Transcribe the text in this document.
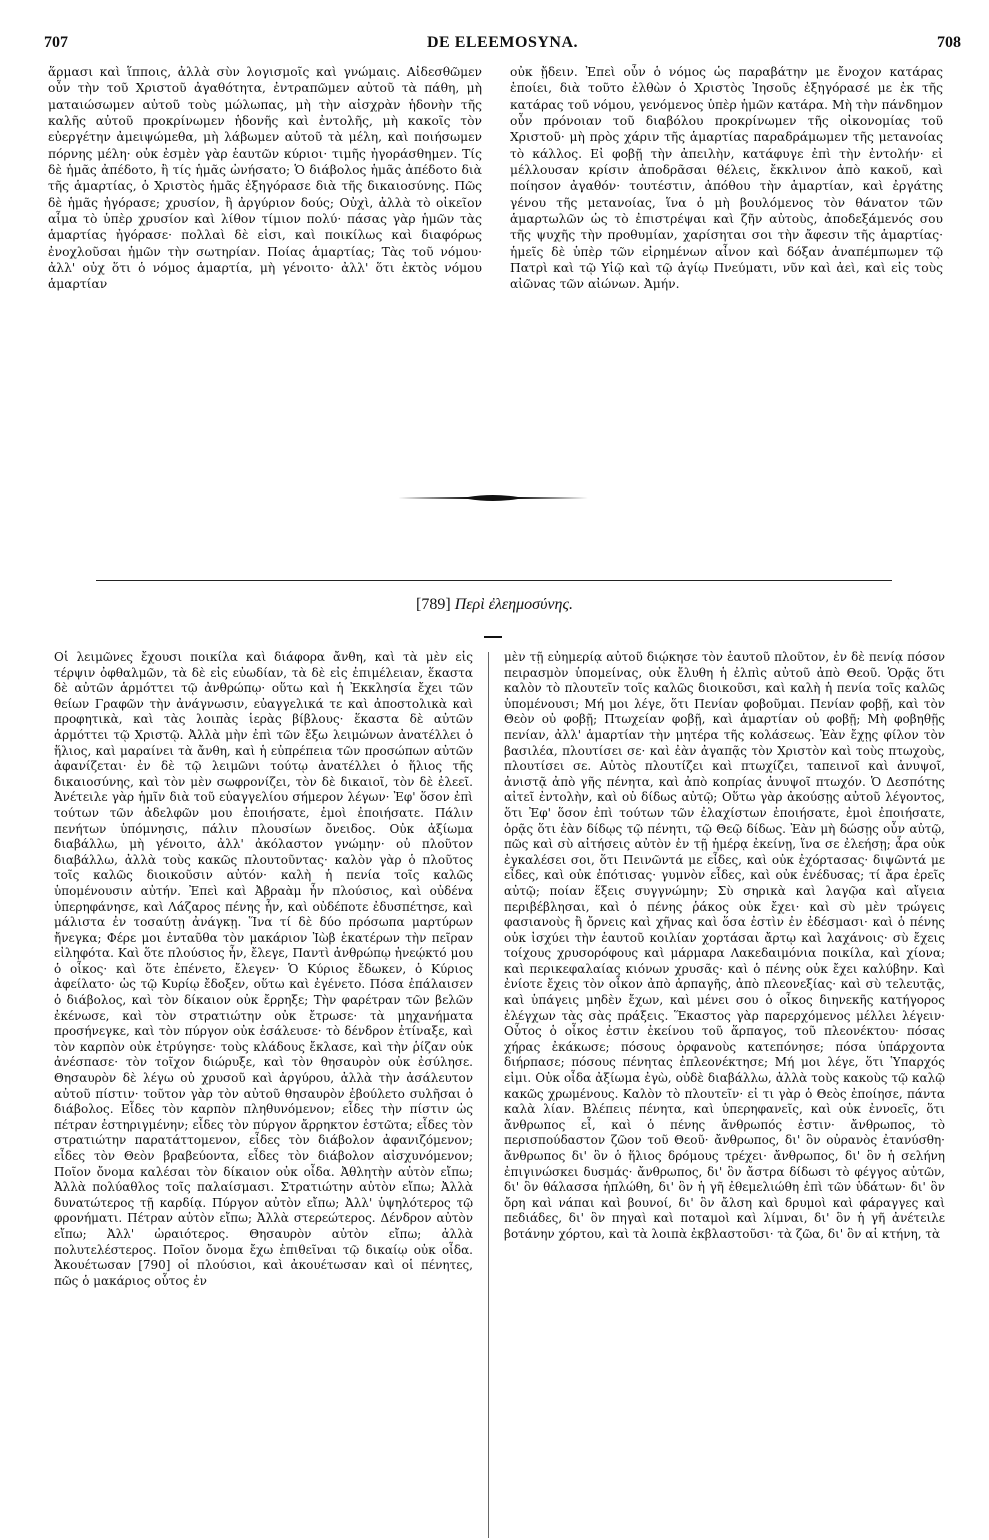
707	DE ELEEMOSYNA.	708

ἅρμασι καὶ ἵπποις, ἀλλὰ σὺν λογισμοῖς καὶ γνώμαις. Αἰδεσθῶμεν οὖν τὴν τοῦ Χριστοῦ ἀγαθότητα, ἐντραπῶμεν αὐτοῦ τὰ πάθη, μὴ ματαιώσωμεν αὐτοῦ τοὺς μώλωπας, μὴ τὴν αἰσχρὰν ἡδονὴν τῆς καλῆς αὐτοῦ προκρίνωμεν ἡδονῆς καὶ ἐντολῆς, μὴ κακοῖς τὸν εὐεργέτην ἀμειψώμεθα, μὴ λάβωμεν αὐτοῦ τὰ μέλη, καὶ ποιήσωμεν πόρνης μέλη· οὐκ ἐσμὲν γὰρ ἑαυτῶν κύριοι· τιμῆς ἠγοράσθημεν. Τίς δὲ ἡμᾶς ἀπέδοτο, ἢ τίς ἡμᾶς ὠνήσατο; Ὁ διάβολος ἡμᾶς ἀπέδοτο διὰ τῆς ἁμαρτίας, ὁ Χριστὸς ἡμᾶς ἐξηγόρασε διὰ τῆς δικαιοσύνης. Πῶς δὲ ἡμᾶς ἠγόρασε; χρυσίον, ἢ ἀργύριον δούς; Οὐχὶ, ἀλλὰ τὸ οἰκεῖον αἷμα τὸ ὑπὲρ χρυσίον καὶ λίθον τίμιον πολύ· πάσας γὰρ ἡμῶν τὰς ἁμαρτίας ἠγόρασε· πολλαὶ δὲ εἰσι, καὶ ποικίλως καὶ διαφόρως ἐνοχλοῦσαι ἡμῶν τὴν σωτηρίαν. Ποίας ἁμαρτίας; Τὰς τοῦ νόμου· ἀλλ' οὐχ ὅτι ὁ νόμος ἁμαρτία, μὴ γένοιτο· ἀλλ' ὅτι ἐκτὸς νόμου ἁμαρτίαν

οὐκ ᾔδειν. Ἐπεὶ οὖν ὁ νόμος ὡς παραβάτην με ἔνοχον κατάρας ἐποίει, διὰ τοῦτο ἐλθὼν ὁ Χριστὸς Ἰησοῦς ἐξηγόρασέ με ἐκ τῆς κατάρας τοῦ νόμου, γενόμενος ὑπὲρ ἡμῶν κατάρα. Μὴ τὴν πάνδημον οὖν πρόνοιαν τοῦ διαβόλου προκρίνωμεν τῆς οἰκονομίας τοῦ Χριστοῦ· μὴ πρὸς χάριν τῆς ἁμαρτίας παραδράμωμεν τῆς μετανοίας τὸ κάλλος. Εἰ φοβῇ τὴν ἀπειλὴν, κατάφυγε ἐπὶ τὴν ἐντολήν· εἰ μέλλουσαν κρίσιν ἀποδρᾶσαι θέλεις, ἔκκλινον ἀπὸ κακοῦ, καὶ ποίησον ἀγαθόν· τουτέστιν, ἀπόθου τὴν ἁμαρτίαν, καὶ ἐργάτης γένου τῆς μετανοίας, ἵνα ὁ μὴ βουλόμενος τὸν θάνατον τῶν ἁμαρτωλῶν ὡς τὸ ἐπιστρέψαι καὶ ζῆν αὐτοὺς, ἀποδεξάμενός σου τῆς ψυχῆς τὴν προθυμίαν, χαρίσηται σοι τὴν ἄφεσιν τῆς ἁμαρτίας· ἡμεῖς δὲ ὑπὲρ τῶν εἰρημένων αἶνον καὶ δόξαν ἀναπέμπωμεν τῷ Πατρὶ καὶ τῷ Υἱῷ καὶ τῷ ἁγίῳ Πνεύματι, νῦν καὶ ἀεὶ, καὶ εἰς τοὺς αἰῶνας τῶν αἰώνων. Ἀμήν.

[789] Περὶ ἐλεημοσύνης.

Οἱ λειμῶνες ἔχουσι ποικίλα καὶ διάφορα ἄνθη, καὶ τὰ μὲν εἰς τέρψιν ὀφθαλμῶν, τὰ δὲ εἰς εὐωδίαν, τὰ δὲ εἰς ἐπιμέλειαν, ἕκαστα δὲ αὐτῶν ἁρμόττει τῷ ἀνθρώπῳ· οὕτω καὶ ἡ Ἐκκλησία ἔχει τῶν θείων Γραφῶν τὴν ἀνάγνωσιν, εὐαγγελικά τε καὶ ἀποστολικὰ καὶ προφητικὰ, καὶ τὰς λοιπὰς ἱερὰς βίβλους· ἕκαστα δὲ αὐτῶν ἁρμόττει τῷ Χριστῷ. Ἀλλὰ μὴν ἐπὶ τῶν ἔξω λειμώνων ἀνατέλλει ὁ ἥλιος, καὶ μαραίνει τὰ ἄνθη, καὶ ἡ εὐπρέπεια τῶν προσώπων αὐτῶν ἀφανίζεται· ἐν δὲ τῷ λειμῶνι τούτῳ ἀνατέλλει ὁ ἥλιος τῆς δικαιοσύνης, καὶ τὸν μὲν σωφρονίζει, τὸν δὲ δικαιοῖ, τὸν δὲ ἐλεεῖ. Ἀνέτειλε γὰρ ἡμῖν διὰ τοῦ εὐαγγελίου σήμερον λέγων· Ἐφ' ὅσον ἐπὶ τούτων τῶν ἀδελφῶν μου ἐποιήσατε, ἐμοὶ ἐποιήσατε. Πάλιν πενήτων ὑπόμνησις, πάλιν πλουσίων ὄνειδος. Οὐκ ἀξίωμα διαβάλλω, μὴ γένοιτο, ἀλλ' ἀκόλαστον γνώμην· οὐ πλοῦτον διαβάλλω, ἀλλὰ τοὺς κακῶς πλουτοῦντας· καλὸν γὰρ ὁ πλοῦτος τοῖς καλῶς διοικοῦσιν αὐτόν· καλὴ ἡ πενία τοῖς καλῶς ὑπομένουσιν αὐτήν. Ἐπεὶ καὶ Ἀβραὰμ ἦν πλούσιος, καὶ οὐδένα ὑπερηφάνησε, καὶ Λάζαρος πένης ἦν, καὶ οὐδέποτε ἐδυσπέτησε, καὶ μάλιστα ἐν τοσαύτῃ ἀνάγκῃ. Ἵνα τί δὲ δύο πρόσωπα μαρτύρων ἤνεγκα; Φέρε μοι ἐνταῦθα τὸν μακάριον Ἰὼβ ἑκατέρων τὴν πεῖραν εἰληφότα. Καὶ ὅτε πλούσιος ἦν, ἔλεγε, Παντὶ ἀνθρώπῳ ἠνεῴκτό μου ὁ οἶκος· καὶ ὅτε ἐπένετο, ἔλεγεν· Ὁ Κύριος ἔδωκεν, ὁ Κύριος ἀφείλατο· ὡς τῷ Κυρίῳ ἔδοξεν, οὕτω καὶ ἐγένετο. Πόσα ἐπάλαισεν ὁ διάβολος, καὶ τὸν δίκαιον οὐκ ἔρρηξε; Τὴν φαρέτραν τῶν βελῶν ἐκένωσε, καὶ τὸν στρατιώτην οὐκ ἔτρωσε· τὰ μηχανήματα προσήνεγκε, καὶ τὸν πύργον οὐκ ἐσάλευσε· τὸ δένδρον ἐτίναξε, καὶ τὸν καρπὸν οὐκ ἐτρύγησε· τοὺς κλάδους ἔκλασε, καὶ τὴν ῥίζαν οὐκ ἀνέσπασε· τὸν τοῖχον διώρυξε, καὶ τὸν θησαυρὸν οὐκ ἐσύλησε. Θησαυρὸν δὲ λέγω οὐ χρυσοῦ καὶ ἀργύρου, ἀλλὰ τὴν ἀσάλευτον αὐτοῦ πίστιν· τοῦτον γὰρ τὸν αὐτοῦ θησαυρὸν ἐβούλετο συλῆσαι ὁ διάβολος. Εἶδες τὸν καρπὸν πληθυνόμενον; εἶδες τὴν πίστιν ὡς πέτραν ἐστηριγμένην; εἶδες τὸν πύργον ἄρρηκτον ἑστῶτα; εἶδες τὸν στρατιώτην παρατάττομενον, εἶδες τὸν διάβολον ἀφανιζόμενον; εἶδες τὸν Θεὸν βραβεύοντα, εἶδες τὸν διάβολον αἰσχυνόμενον; Ποῖον ὄνομα καλέσαι τὸν δίκαιον οὐκ οἶδα. Ἀθλητὴν αὐτὸν εἴπω; Ἀλλὰ πολύαθλος τοῖς παλαίσμασι. Στρατιώτην αὐτὸν εἴπω; Ἀλλὰ δυνατώτερος τῇ καρδίᾳ. Πύργον αὐτὸν εἴπω; Ἀλλ' ὑψηλότερος τῷ φρονήματι. Πέτραν αὐτὸν εἴπω; Ἀλλὰ στερεώτερος. Δένδρον αὐτὸν εἴπω; Ἀλλ' ὡραιότερος. Θησαυρὸν αὐτὸν εἴπω; ἀλλὰ πολυτελέστερος. Ποῖον ὄνομα ἔχω ἐπιθεῖναι τῷ δικαίῳ οὐκ οἶδα. Ἀκουέτωσαν [790] οἱ πλούσιοι, καὶ ἀκουέτωσαν καὶ οἱ πένητες, πῶς ὁ μακάριος οὗτος ἐν

μὲν τῇ εὐημερίᾳ αὐτοῦ διῴκησε τὸν ἑαυτοῦ πλοῦτον, ἐν δὲ πενίᾳ πόσον πειρασμὸν ὑπομείνας, οὐκ ἔλυθη ἡ ἐλπὶς αὐτοῦ ἀπὸ Θεοῦ. Ὁρᾷς ὅτι καλὸν τὸ πλουτεῖν τοῖς καλῶς διοικοῦσι, καὶ καλὴ ἡ πενία τοῖς καλῶς ὑπομένουσι; Μή μοι λέγε, ὅτι Πενίαν φοβοῦμαι. Πενίαν φοβῇ, καὶ τὸν Θεὸν οὐ φοβῇ; Πτωχείαν φοβῇ, καὶ ἁμαρτίαν οὐ φοβῇ; Μὴ φοβηθῇς πενίαν, ἀλλ' ἁμαρτίαν τὴν μητέρα τῆς κολάσεως. Ἐὰν ἔχῃς φίλον τὸν βασιλέα, πλουτίσει σε· καὶ ἐὰν ἀγαπᾷς τὸν Χριστὸν καὶ τοὺς πτωχοὺς, πλουτίσει σε. Αὐτὸς πλουτίζει καὶ πτωχίζει, ταπεινοῖ καὶ ἀνυψοῖ, ἀνιστᾷ ἀπὸ γῆς πένητα, καὶ ἀπὸ κοπρίας ἀνυψοῖ πτωχόν. Ὁ Δεσπότης αἰτεῖ ἐντολὴν, καὶ οὐ δίδως αὐτῷ; Οὕτω γὰρ ἀκούσῃς αὐτοῦ λέγοντος, ὅτι Ἐφ' ὅσον ἐπὶ τούτων τῶν ἐλαχίστων ἐποιήσατε, ἐμοὶ ἐποιήσατε, ὁρᾷς ὅτι ἐὰν δίδῳς τῷ πένητι, τῷ Θεῷ δίδως. Ἐὰν μὴ δώσῃς οὖν αὐτῷ, πῶς καὶ σὺ αἰτήσεις αὐτὸν ἐν τῇ ἡμέρᾳ ἐκείνῃ, ἵνα σε ἐλεήσῃ; ἆρα οὐκ ἐγκαλέσει σοι, ὅτι Πεινῶντά με εἶδες, καὶ οὐκ ἐχόρτασας· διψῶντά με εἶδες, καὶ οὐκ ἐπότισας· γυμνὸν εἶδες, καὶ οὐκ ἐνέδυσας; τί ἄρα ἐρεῖς αὐτῷ; ποίαν ἕξεις συγγνώμην; Σὺ σηρικὰ καὶ λαγῷα καὶ αἴγεια περιβέβλησαι, καὶ ὁ πένης ῥάκος οὐκ ἔχει· καὶ σὺ μὲν τρώγεις φασιανοὺς ἢ ὄρνεις καὶ χῆνας καὶ ὅσα ἐστὶν ἐν ἐδέσμασι· καὶ ὁ πένης οὐκ ἰσχύει τὴν ἑαυτοῦ κοιλίαν χορτάσαι ἄρτῳ καὶ λαχάνοις· σὺ ἔχεις τοίχους χρυσορόφους καὶ μάρμαρα Λακεδαιμόνια ποικίλα, καὶ χίονα; καὶ περικεφαλαίας κιόνων χρυσᾶς· καὶ ὁ πένης οὐκ ἔχει καλύβην. Καὶ ἐνίοτε ἔχεις τὸν οἶκον ἀπὸ ἁρπαγῆς, ἀπὸ πλεονεξίας· καὶ σὺ τελευτᾷς, καὶ ὑπάγεις μηδὲν ἔχων, καὶ μένει σου ὁ οἶκος διηνεκῆς κατήγορος ἐλέγχων τὰς σὰς πράξεις. Ἕκαστος γὰρ παρερχόμενος μέλλει λέγειν· Οὗτος ὁ οἶκος ἐστιν ἐκείνου τοῦ ἅρπαγος, τοῦ πλεονέκτου· πόσας χήρας ἐκάκωσε; πόσους ὀρφανοὺς κατεπόνησε; πόσα ὑπάρχοντα διήρπασε; πόσους πένητας ἐπλεονέκτησε; Μή μοι λέγε, ὅτι Ὑπαρχός εἰμι. Οὐκ οἶδα ἀξίωμα ἐγὼ, οὐδὲ διαβάλλω, ἀλλὰ τοὺς κακοὺς τῷ καλῷ κακῶς χρωμένους. Καλὸν τὸ πλουτεῖν· εἰ τι γὰρ ὁ Θεὸς ἐποίησε, πάντα καλὰ λίαν. Βλέπεις πένητα, καὶ ὑπερηφανεῖς, καὶ οὐκ ἐννοεῖς, ὅτι ἄνθρωπος εἶ, καὶ ὁ πένης ἄνθρωπός ἐστιν· ἄνθρωπος, τὸ περισπούδαστον ζῶον τοῦ Θεοῦ· ἄνθρωπος, δι' ὃν οὐρανὸς ἐτανύσθη· ἄνθρωπος δι' ὃν ὁ ἥλιος δρόμους τρέχει· ἄνθρωπος, δι' ὃν ἡ σελήνη ἐπιγινώσκει δυσμάς· ἄνθρωπος, δι' ὃν ἄστρα δίδωσι τὸ φέγγος αὐτῶν, δι' ὃν θάλασσα ἡπλώθη, δι' ὃν ἡ γῆ ἐθεμελιώθη ἐπὶ τῶν ὑδάτων· δι' ὃν ὄρη καὶ νάπαι καὶ βουνοί, δι' ὃν ἄλση καὶ δρυμοὶ καὶ φάραγγες καὶ πεδιάδες, δι' ὃν πηγαὶ καὶ ποταμοὶ καὶ λίμναι, δι' ὃν ἡ γῆ ἀνέτειλε βοτάνην χόρτου, καὶ τὰ λοιπὰ ἐκβλαστοῦσι· τὰ ζῶα, δι' ὃν αἱ κτήνη, τὰ
